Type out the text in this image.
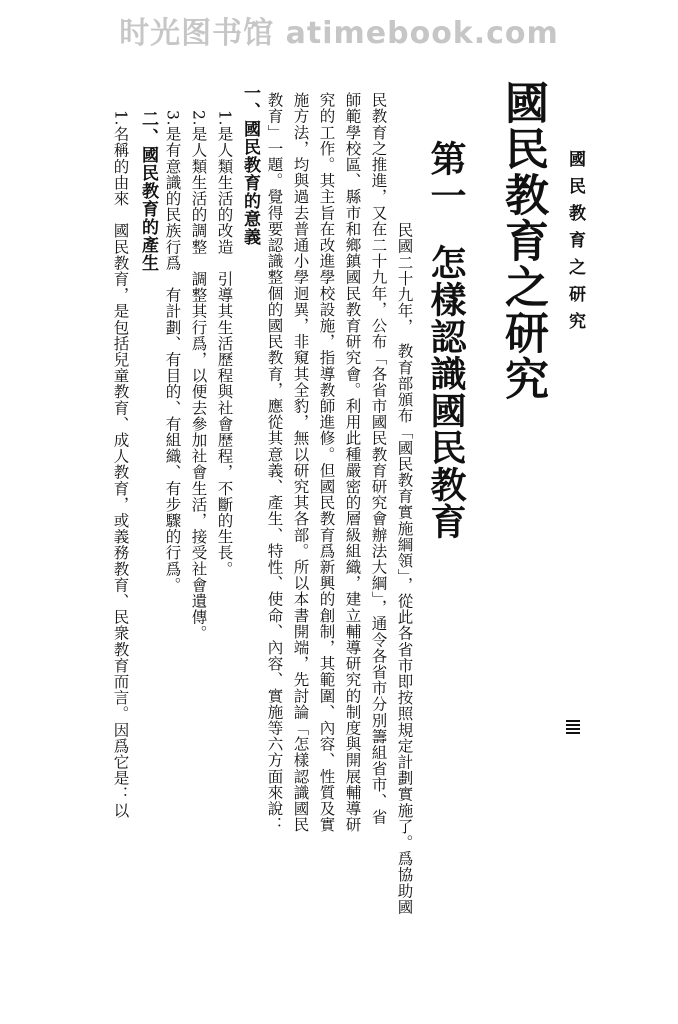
时光图书馆 atimebook.com
國民教育之研究
國民教育之研究
第一怎樣認識國民教育
民國二十九年，　教育部頒布「國民教育實施綱領」，從此各省市即按照規定計劃實施了。爲協助國
民教育之推進，又在二十九年，公布「各省市國民教育研究會辦法大綱」，通令各省市分別籌組省市、省
師範學校區、縣市和鄉鎮國民教育研究會。利用此種嚴密的層級組織，建立輔導研究的制度與開展輔導研
究的工作。其主旨在改進學校設施，指導教師進修。但國民教育爲新興的創制，其範圍、內容、性質及實
施方法，均與過去普通小學迥異，非窺其全豹，無以研究其各部。所以本書開端，先討論「怎樣認識國民
教育」一題。覺得要認識整個的國民教育，應從其意義、產生、特性、使命、內容、實施等六方面來說：
一、國民教育的意義
1.是人類生活的改造　引導其生活歷程與社會歷程，不斷的生長。
2.是人類生活的調整　調整其行爲，以便去參加社會生活，接受社會遺傳。
3.是有意識的民族行爲　有計劃、有目的、有組織、有步驟的行爲。
二、國民教育的產生
1.名稱的由來　國民教育，是包括兒童教育、成人教育，或義務教育、民衆教育而言。因爲它是：以
